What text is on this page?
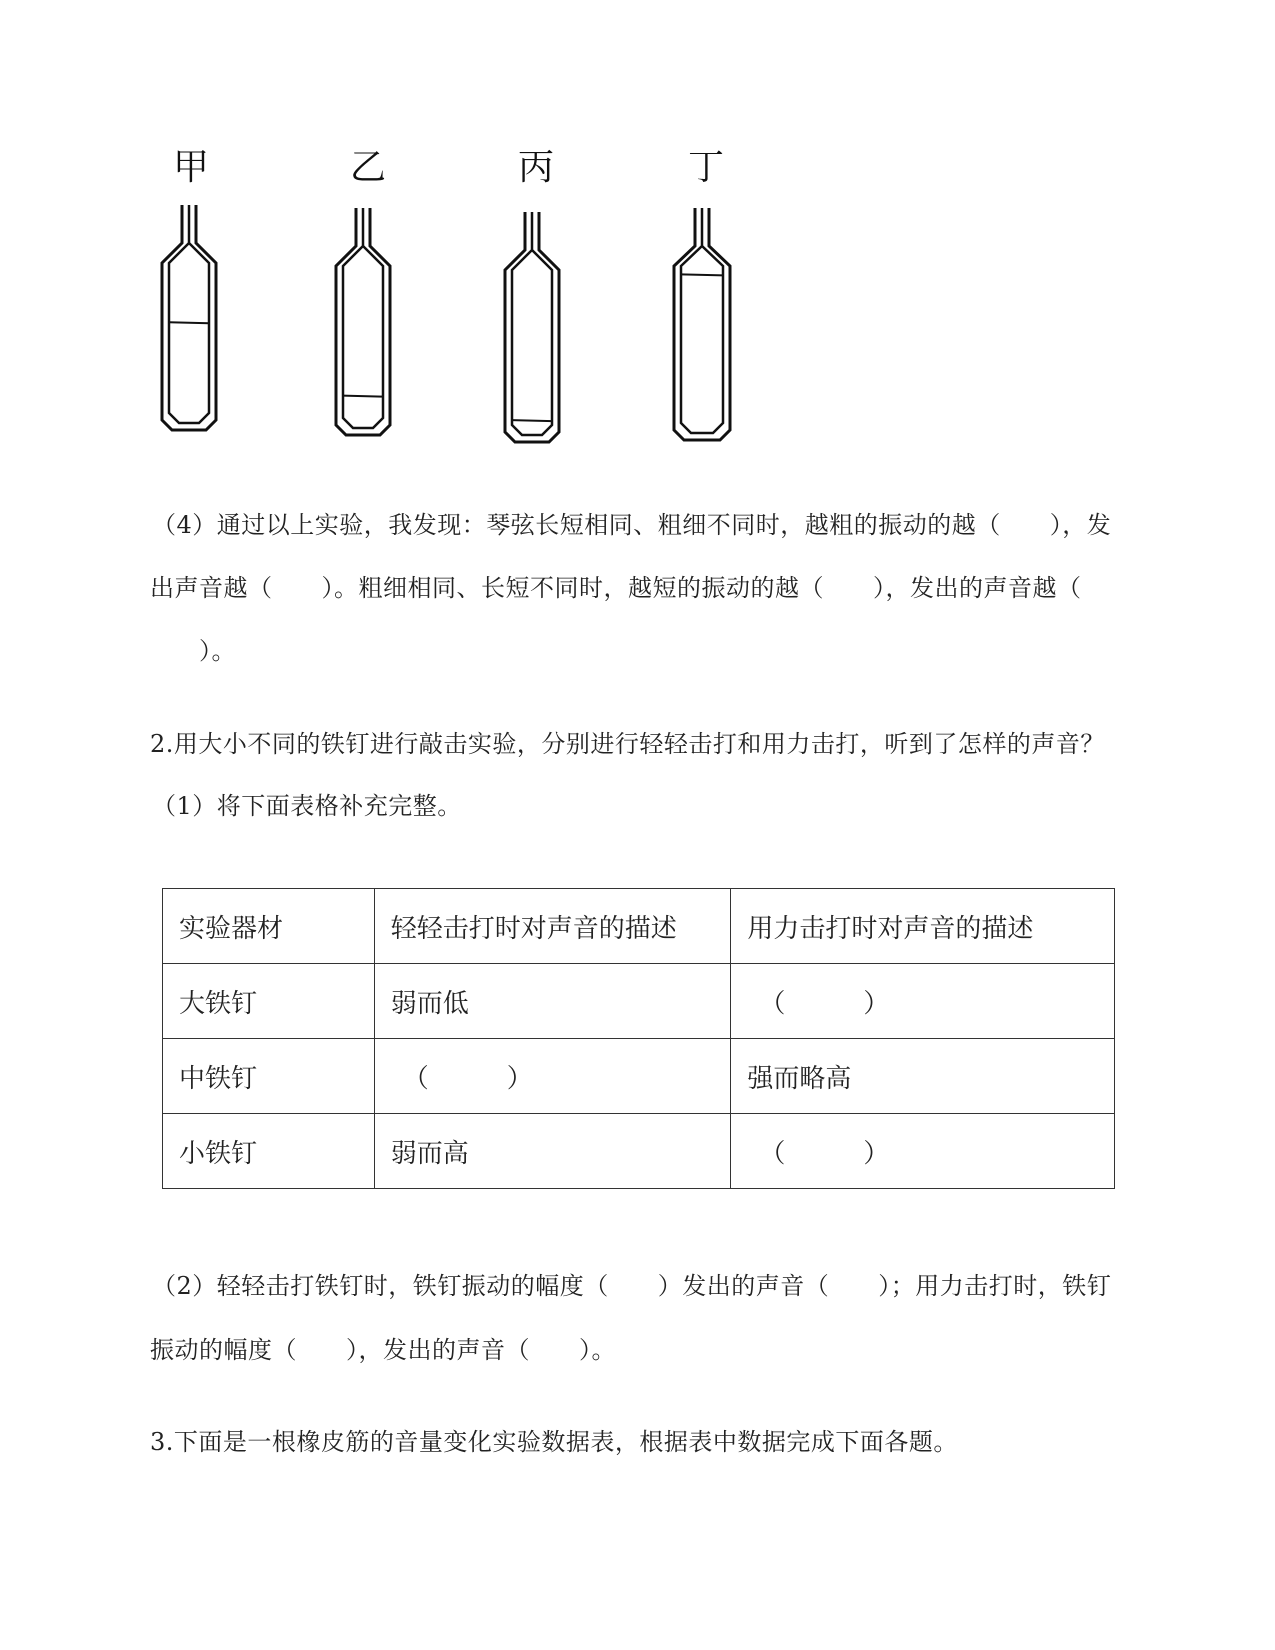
甲	乙	丙	丁
（4）通过以上实验，我发现：琴弦长短相同、粗细不同时，越粗的振动的越（　　），发
出声音越（　　）。粗细相同、长短不同时，越短的振动的越（　　），发出的声音越（
　　）。
2.用大小不同的铁钉进行敲击实验，分别进行轻轻击打和用力击打，听到了怎样的声音？
（1）将下面表格补充完整。
实验器材	轻轻击打时对声音的描述	用力击打时对声音的描述
大铁钉	弱而低	（　　　）
中铁钉	（　　　）	强而略高
小铁钉	弱而高	（　　　）
（2）轻轻击打铁钉时，铁钉振动的幅度（　　）发出的声音（　　）；用力击打时，铁钉
振动的幅度（　　），发出的声音（　　）。
3.下面是一根橡皮筋的音量变化实验数据表，根据表中数据完成下面各题。
